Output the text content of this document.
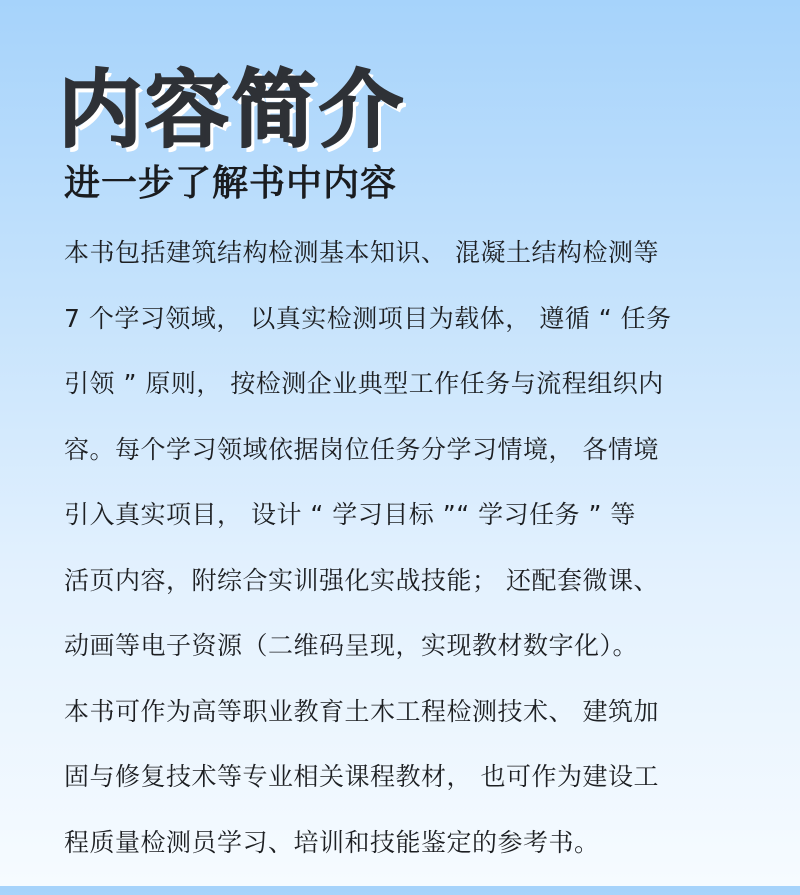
内容简介
进一步了解书中内容
本书包括建筑结构检测基本知识、 混凝土结构检测等
7 个学习领域， 以真实检测项目为载体， 遵循 “ 任务
引领 ” 原则， 按检测企业典型工作任务与流程组织内
容。每个学习领域依据岗位任务分学习情境， 各情境
引入真实项目， 设计 “ 学习目标 ”“ 学习任务 ” 等
活页内容，附综合实训强化实战技能； 还配套微课、
动画等电子资源（二维码呈现，实现教材数字化）。
本书可作为高等职业教育土木工程检测技术、 建筑加
固与修复技术等专业相关课程教材， 也可作为建设工
程质量检测员学习、培训和技能鉴定的参考书。
